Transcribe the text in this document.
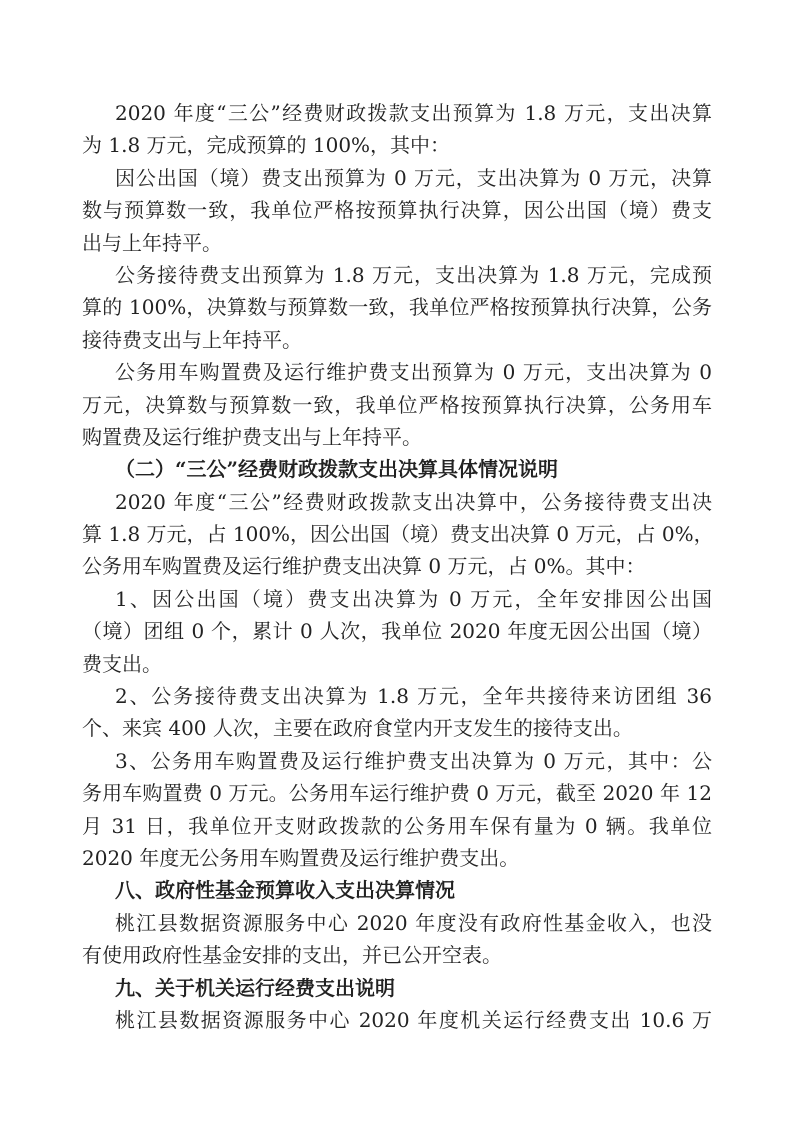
2020 年度“三公”经费财政拨款支出预算为 1.8 万元，支出决算
为 1.8 万元，完成预算的 100%，其中：
因公出国（境）费支出预算为 0 万元，支出决算为 0 万元，决算
数与预算数一致，我单位严格按预算执行决算，因公出国（境）费支
出与上年持平。
公务接待费支出预算为 1.8 万元，支出决算为 1.8 万元，完成预
算的 100%，决算数与预算数一致，我单位严格按预算执行决算，公务
接待费支出与上年持平。
公务用车购置费及运行维护费支出预算为 0 万元，支出决算为 0
万元，决算数与预算数一致，我单位严格按预算执行决算，公务用车
购置费及运行维护费支出与上年持平。
（二）“三公”经费财政拨款支出决算具体情况说明
2020 年度“三公”经费财政拨款支出决算中，公务接待费支出决
算 1.8 万元，占 100%，因公出国（境）费支出决算 0 万元，占 0%，
公务用车购置费及运行维护费支出决算 0 万元，占 0%。其中：
1、因公出国（境）费支出决算为 0 万元，全年安排因公出国
（境）团组 0 个，累计 0 人次，我单位 2020 年度无因公出国（境）
费支出。
2、公务接待费支出决算为 1.8 万元，全年共接待来访团组 36
个、来宾 400 人次，主要在政府食堂内开支发生的接待支出。
3、公务用车购置费及运行维护费支出决算为 0 万元，其中：公
务用车购置费 0 万元。公务用车运行维护费 0 万元，截至 2020 年 12
月 31 日，我单位开支财政拨款的公务用车保有量为 0 辆。我单位
2020 年度无公务用车购置费及运行维护费支出。
八、政府性基金预算收入支出决算情况
桃江县数据资源服务中心 2020 年度没有政府性基金收入，也没
有使用政府性基金安排的支出，并已公开空表。
九、关于机关运行经费支出说明
桃江县数据资源服务中心 2020 年度机关运行经费支出 10.6 万
